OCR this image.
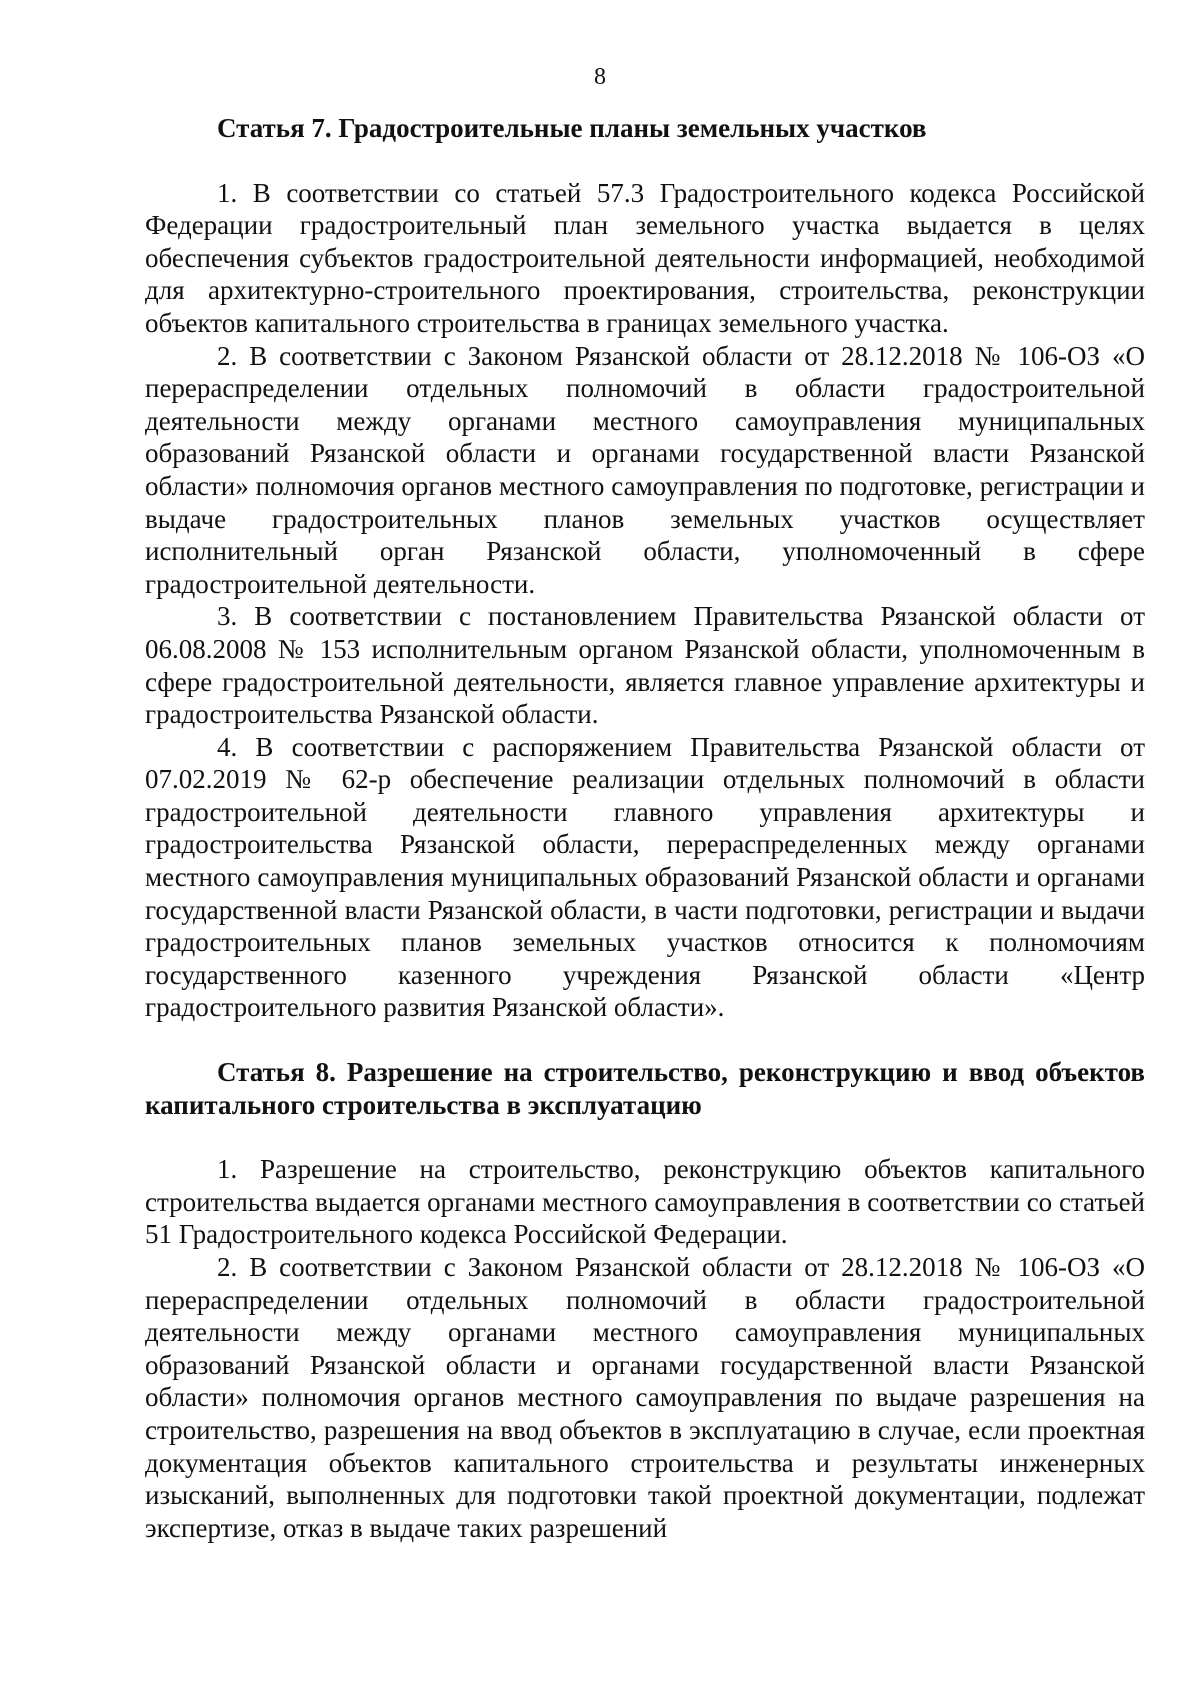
8

Статья 7. Градостроительные планы земельных участков

1. В соответствии со статьей 57.3 Градостроительного кодекса Российской Федерации градостроительный план земельного участка выдается в целях обеспечения субъектов градостроительной деятельности информацией, необходимой для архитектурно-строительного проектирования, строительства, реконструкции объектов капитального строительства в границах земельного участка.

2. В соответствии с Законом Рязанской области от 28.12.2018 № 106-ОЗ «О перераспределении отдельных полномочий в области градостроительной деятельности между органами местного самоуправления муниципальных образований Рязанской области и органами государственной власти Рязанской области» полномочия органов местного самоуправления по подготовке, регистрации и выдаче градостроительных планов земельных участков осуществляет исполнительный орган Рязанской области, уполномоченный в сфере градостроительной деятельности.

3. В соответствии с постановлением Правительства Рязанской области от 06.08.2008 № 153 исполнительным органом Рязанской области, уполномоченным в сфере градостроительной деятельности, является главное управление архитектуры и градостроительства Рязанской области.

4. В соответствии с распоряжением Правительства Рязанской области от 07.02.2019 № 62-р обеспечение реализации отдельных полномочий в области градостроительной деятельности главного управления архитектуры и градостроительства Рязанской области, перераспределенных между органами местного самоуправления муниципальных образований Рязанской области и органами государственной власти Рязанской области, в части подготовки, регистрации и выдачи градостроительных планов земельных участков относится к полномочиям государственного казенного учреждения Рязанской области «Центр градостроительного развития Рязанской области».

Статья 8. Разрешение на строительство, реконструкцию и ввод объектов капитального строительства в эксплуатацию

1. Разрешение на строительство, реконструкцию объектов капитального строительства выдается органами местного самоуправления в соответствии со статьей 51 Градостроительного кодекса Российской Федерации.

2. В соответствии с Законом Рязанской области от 28.12.2018 № 106-ОЗ «О перераспределении отдельных полномочий в области градостроительной деятельности между органами местного самоуправления муниципальных образований Рязанской области и органами государственной власти Рязанской области» полномочия органов местного самоуправления по выдаче разрешения на строительство, разрешения на ввод объектов в эксплуатацию в случае, если проектная документация объектов капитального строительства и результаты инженерных изысканий, выполненных для подготовки такой проектной документации, подлежат экспертизе, отказ в выдаче таких разрешений
